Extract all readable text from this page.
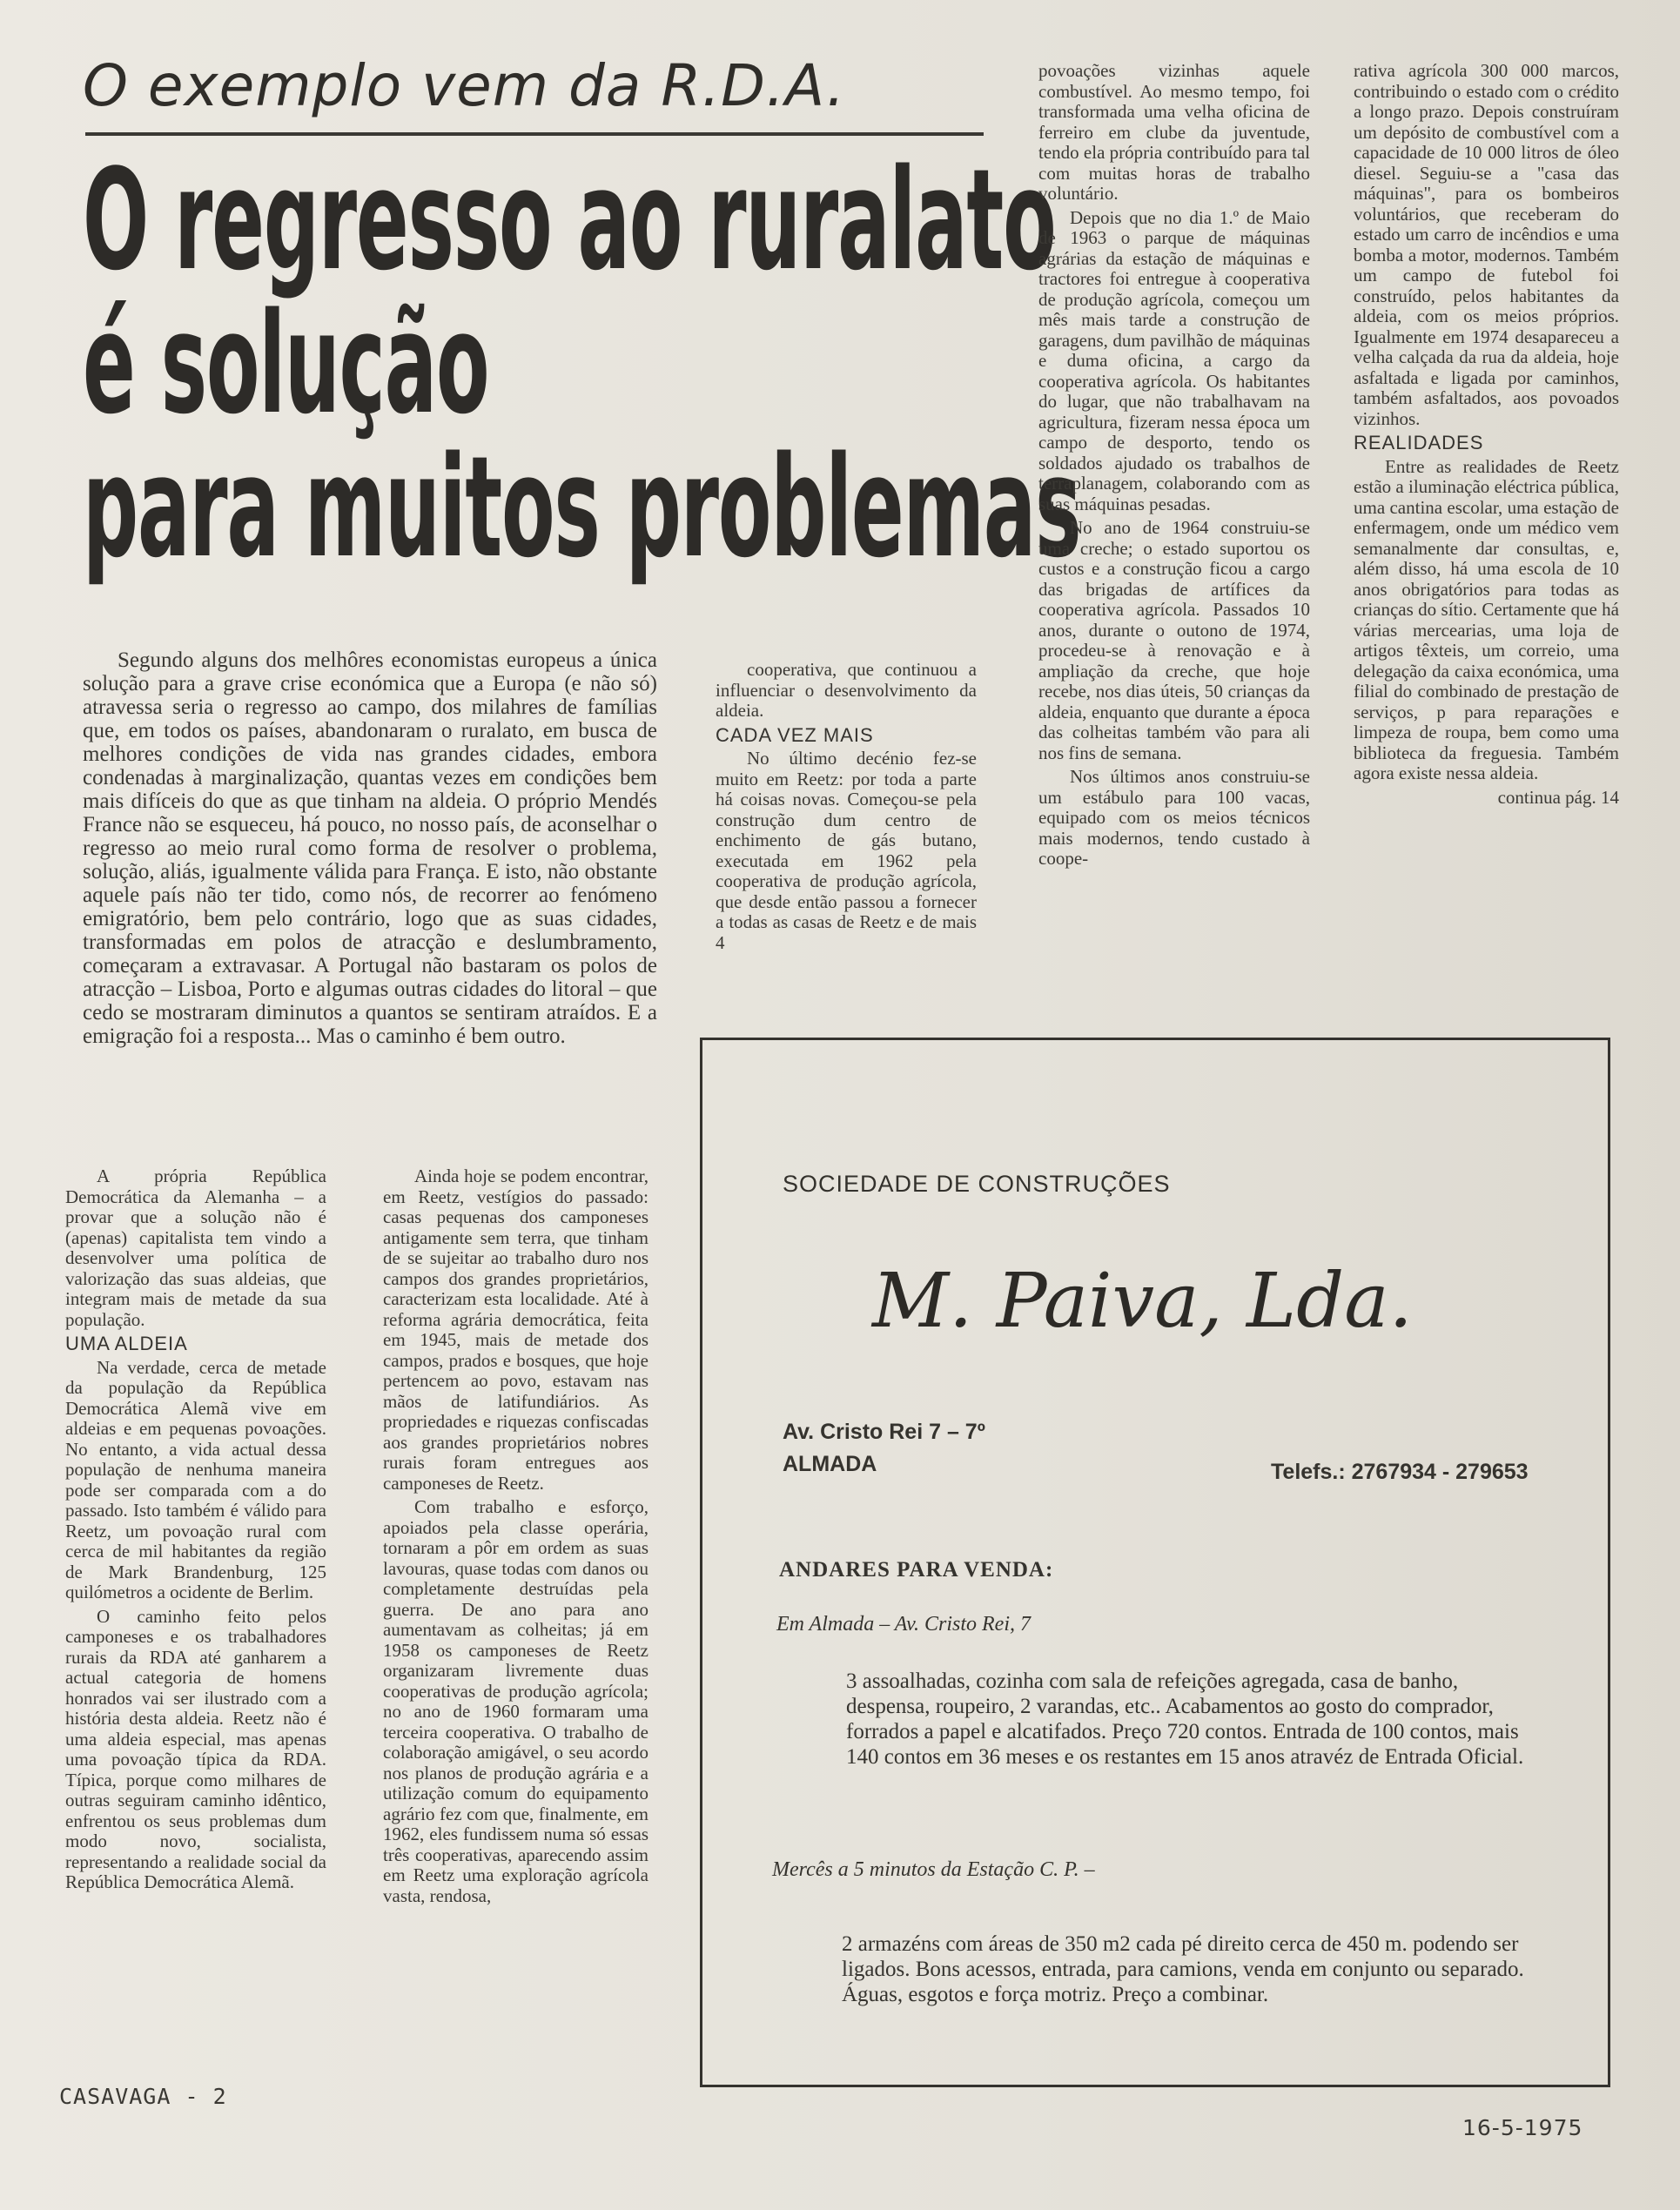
O exemplo vem da R.D.A.
O regresso ao ruralato
é solução
para muitos problemas

Segundo alguns dos melhôres economistas europeus a única solução para a grave crise económica que a Europa (e não só) atravessa seria o regresso ao campo, dos milahres de famílias que, em todos os países, abandonaram o ruralato, em busca de melhores condições de vida nas grandes cidades, embora condenadas à marginalização, quantas vezes em condições bem mais difíceis do que as que tinham na aldeia. O próprio Mendés France não se esqueceu, há pouco, no nosso país, de aconselhar o regresso ao meio rural como forma de resolver o problema, solução, aliás, igualmente válida para França. E isto, não obstante aquele país não ter tido, como nós, de recorrer ao fenómeno emigratório, bem pelo contrário, logo que as suas cidades, transformadas em polos de atracção e deslumbramento, começaram a extravasar. A Portugal não bastaram os polos de atracção – Lisboa, Porto e algumas outras cidades do litoral – que cedo se mostraram diminutos a quantos se sentiram atraídos. E a emigração foi a resposta... Mas o caminho é bem outro.

cooperativa, que continuou a influenciar o desenvolvimento da aldeia.

CADA VEZ MAIS

No último decénio fez-se muito em Reetz: por toda a parte há coisas novas. Começou-se pela construção dum centro de enchimento de gás butano, executada em 1962 pela cooperativa de produção agrícola, que desde então passou a fornecer a todas as casas de Reetz e de mais 4

povoações vizinhas aquele combustível. Ao mesmo tempo, foi transformada uma velha oficina de ferreiro em clube da juventude, tendo ela própria contribuído para tal com muitas horas de trabalho voluntário.

Depois que no dia 1.º de Maio de 1963 o parque de máquinas agrárias da estação de máquinas e tractores foi entregue à cooperativa de produção agrícola, começou um mês mais tarde a construção de garagens, dum pavilhão de máquinas e duma oficina, a cargo da cooperativa agrícola. Os habitantes do lugar, que não trabalhavam na agricultura, fizeram nessa época um campo de desporto, tendo os soldados ajudado os trabalhos de terraplanagem, colaborando com as suas máquinas pesadas.

No ano de 1964 construiu-se uma creche; o estado suportou os custos e a construção ficou a cargo das brigadas de artífices da cooperativa agrícola. Passados 10 anos, durante o outono de 1974, procedeu-se à renovação e à ampliação da creche, que hoje recebe, nos dias úteis, 50 crianças da aldeia, enquanto que durante a época das colheitas também vão para ali nos fins de semana.

Nos últimos anos construiu-se um estábulo para 100 vacas, equipado com os meios técnicos mais modernos, tendo custado à coope-

rativa agrícola 300 000 marcos, contribuindo o estado com o crédito a longo prazo. Depois construíram um depósito de combustível com a capacidade de 10 000 litros de óleo diesel. Seguiu-se a "casa das máquinas", para os bombeiros voluntários, que receberam do estado um carro de incêndios e uma bomba a motor, modernos. Também um campo de futebol foi construído, pelos habitantes da aldeia, com os meios próprios. Igualmente em 1974 desapareceu a velha calçada da rua da aldeia, hoje asfaltada e ligada por caminhos, também asfaltados, aos povoados vizinhos.

REALIDADES

Entre as realidades de Reetz estão a iluminação eléctrica pública, uma cantina escolar, uma estação de enfermagem, onde um médico vem semanalmente dar consultas, e, além disso, há uma escola de 10 anos obrigatórios para todas as crianças do sítio. Certamente que há várias mercearias, uma loja de artigos têxteis, um correio, uma delegação da caixa económica, uma filial do combinado de prestação de serviços, p para reparações e limpeza de roupa, bem como uma biblioteca da freguesia. Também agora existe nessa aldeia.

continua pág. 14

A própria República Democrática da Alemanha – a provar que a solução não é (apenas) capitalista tem vindo a desenvolver uma política de valorização das suas aldeias, que integram mais de metade da sua população.

UMA ALDEIA

Na verdade, cerca de metade da população da República Democrática Alemã vive em aldeias e em pequenas povoações. No entanto, a vida actual dessa população de nenhuma maneira pode ser comparada com a do passado. Isto também é válido para Reetz, um povoação rural com cerca de mil habitantes da região de Mark Brandenburg, 125 quilómetros a ocidente de Berlim.

O caminho feito pelos camponeses e os trabalhadores rurais da RDA até ganharem a actual categoria de homens honrados vai ser ilustrado com a história desta aldeia. Reetz não é uma aldeia especial, mas apenas uma povoação típica da RDA. Típica, porque como milhares de outras seguiram caminho idêntico, enfrentou os seus problemas dum modo novo, socialista, representando a realidade social da República Democrática Alemã.

Ainda hoje se podem encontrar, em Reetz, vestígios do passado: casas pequenas dos camponeses antigamente sem terra, que tinham de se sujeitar ao trabalho duro nos campos dos grandes proprietários, caracterizam esta localidade. Até à reforma agrária democrática, feita em 1945, mais de metade dos campos, prados e bosques, que hoje pertencem ao povo, estavam nas mãos de latifundiários. As propriedades e riquezas confiscadas aos grandes proprietários nobres rurais foram entregues aos camponeses de Reetz.

Com trabalho e esforço, apoiados pela classe operária, tornaram a pôr em ordem as suas lavouras, quase todas com danos ou completamente destruídas pela guerra. De ano para ano aumentavam as colheitas; já em 1958 os camponeses de Reetz organizaram livremente duas cooperativas de produção agrícola; no ano de 1960 formaram uma terceira cooperativa. O trabalho de colaboração amigável, o seu acordo nos planos de produção agrária e a utilização comum do equipamento agrário fez com que, finalmente, em 1962, eles fundissem numa só essas três cooperativas, aparecendo assim em Reetz uma exploração agrícola vasta, rendosa,

SOCIEDADE DE CONSTRUÇÕES
M. Paiva, Lda.
Av. Cristo Rei 7 – 7º
ALMADA	Telefs.: 2767934 - 279653
ANDARES PARA VENDA:
Em Almada – Av. Cristo Rei, 7
3 assoalhadas, cozinha com sala de refeições agregada, casa de banho, despensa, roupeiro, 2 varandas, etc.. Acabamentos ao gosto do comprador, forrados a papel e alcatifados. Preço 720 contos. Entrada de 100 contos, mais 140 contos em 36 meses e os restantes em 15 anos atravéz de Entrada Oficial.
Mercês a 5 minutos da Estação C. P. –
2 armazéns com áreas de 350 m2 cada pé direito cerca de 450 m. podendo ser ligados. Bons acessos, entrada, para camions, venda em conjunto ou separado. Águas, esgotos e força motriz. Preço a combinar.
CASAVAGA - 2
16-5-1975
